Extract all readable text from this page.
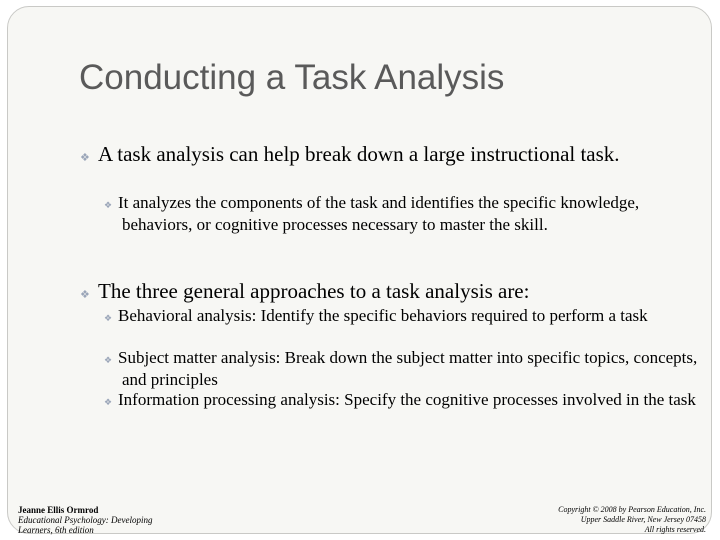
Conducting a Task Analysis
❖ A task analysis can help break down a large instructional task.
❖ It analyzes the components of the task and identifies the specific knowledge, behaviors, or cognitive processes necessary to master the skill.
❖ The three general approaches to a task analysis are:
❖ Behavioral analysis: Identify the specific behaviors required to perform a task
❖ Subject matter analysis: Break down the subject matter into specific topics, concepts, and principles
❖ Information processing analysis: Specify the cognitive processes involved in the task
Jeanne Ellis Ormrod
Educational Psychology: Developing
Learners, 6th edition
Copyright © 2008 by Pearson Education, Inc.
Upper Saddle River, New Jersey 07458
All rights reserved.
